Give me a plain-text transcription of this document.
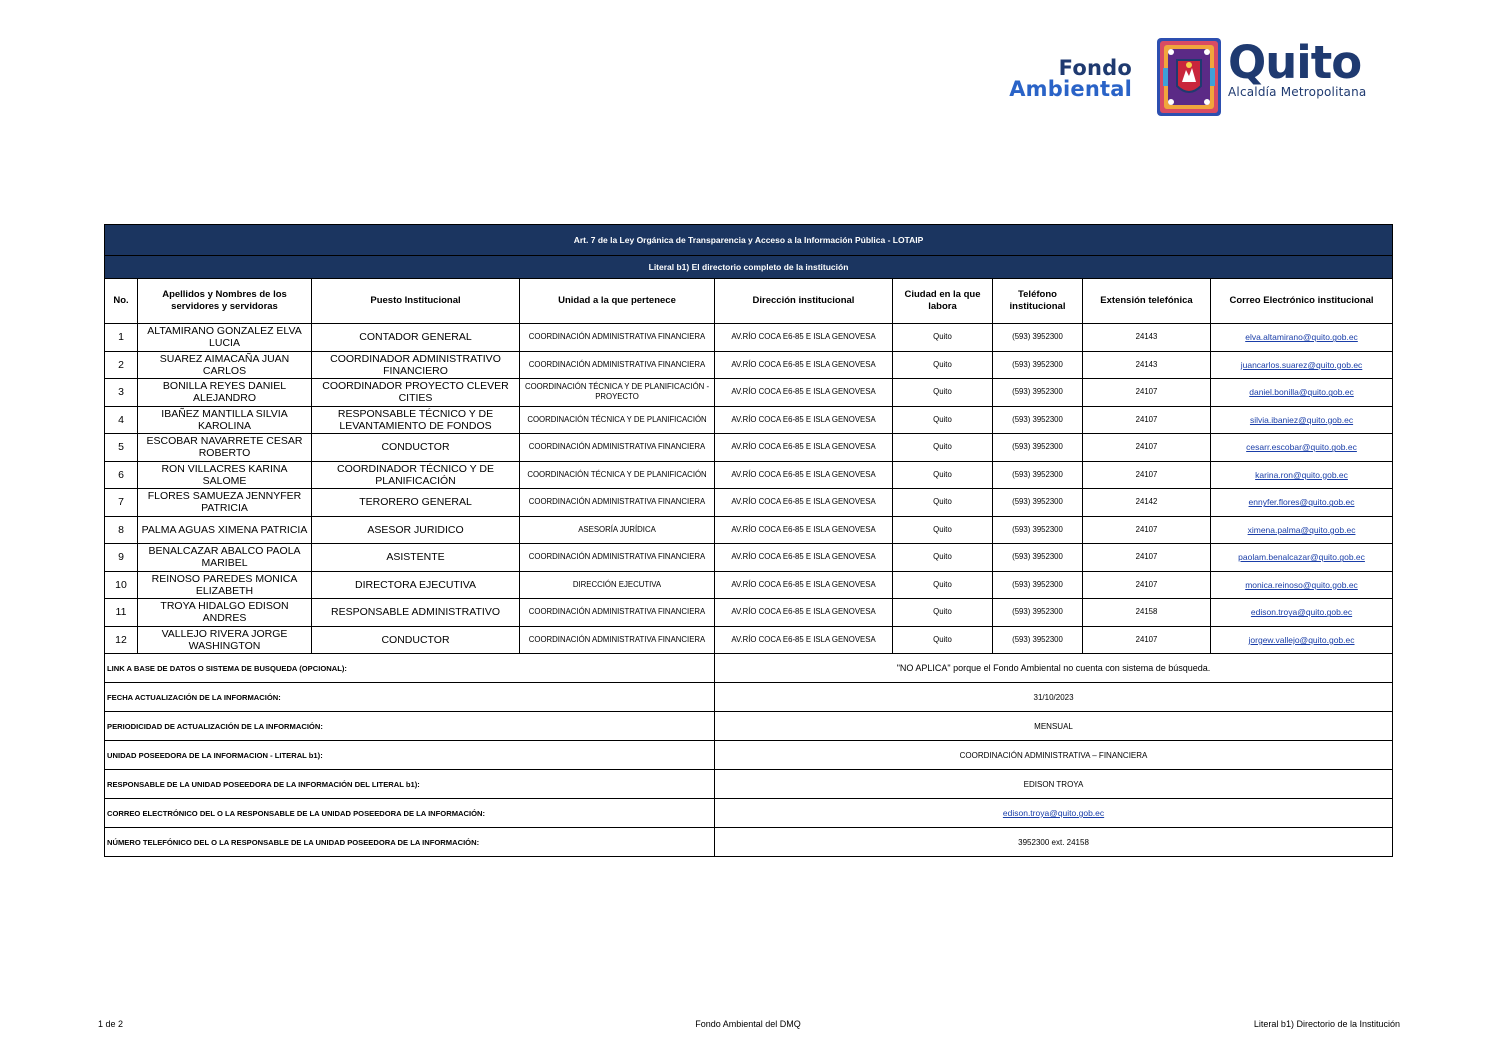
Fondo
Ambiental Quito
Alcaldía Metropolitana
Art. 7 de la Ley Orgánica de Transparencia y Acceso a la Información Pública - LOTAIP								
Literal b1) El directorio completo de la institución								
No.	Apellidos y Nombres de los servidores y servidoras	Puesto Institucional	Unidad a la que pertenece	Dirección institucional	Ciudad en la que labora	Teléfono institucional	Extensión telefónica	Correo Electrónico institucional
1	ALTAMIRANO GONZALEZ ELVA LUCIA	CONTADOR GENERAL	COORDINACIÓN ADMINISTRATIVA FINANCIERA	AV.RÍO COCA E6-85 E ISLA GENOVESA	Quito	(593) 3952300	24143	elva.altamirano@quito.gob.ec
2	SUAREZ AIMACAÑA JUAN CARLOS	COORDINADOR ADMINISTRATIVO FINANCIERO	COORDINACIÓN ADMINISTRATIVA FINANCIERA	AV.RÍO COCA E6-85 E ISLA GENOVESA	Quito	(593) 3952300	24143	juancarlos.suarez@quito.gob.ec
3	BONILLA REYES DANIEL ALEJANDRO	COORDINADOR PROYECTO CLEVER CITIES	COORDINACIÓN TÉCNICA Y DE PLANIFICACIÓN - PROYECTO	AV.RÍO COCA E6-85 E ISLA GENOVESA	Quito	(593) 3952300	24107	daniel.bonilla@quito.gob.ec
4	IBAÑEZ MANTILLA SILVIA KAROLINA	RESPONSABLE TÉCNICO Y DE LEVANTAMIENTO DE FONDOS	COORDINACIÓN TÉCNICA Y DE PLANIFICACIÓN	AV.RÍO COCA E6-85 E ISLA GENOVESA	Quito	(593) 3952300	24107	silvia.ibaniez@quito.gob.ec
5	ESCOBAR NAVARRETE CESAR ROBERTO	CONDUCTOR	COORDINACIÓN ADMINISTRATIVA FINANCIERA	AV.RÍO COCA E6-85 E ISLA GENOVESA	Quito	(593) 3952300	24107	cesarr.escobar@quito.gob.ec
6	RON VILLACRES KARINA SALOME	COORDINADOR TÉCNICO Y DE PLANIFICACIÓN	COORDINACIÓN TÉCNICA Y DE PLANIFICACIÓN	AV.RÍO COCA E6-85 E ISLA GENOVESA	Quito	(593) 3952300	24107	karina.ron@quito.gob.ec
7	FLORES SAMUEZA JENNYFER PATRICIA	TERORERO GENERAL	COORDINACIÓN ADMINISTRATIVA FINANCIERA	AV.RÍO COCA E6-85 E ISLA GENOVESA	Quito	(593) 3952300	24142	ennyfer.flores@quito.gob.ec
8	PALMA AGUAS XIMENA PATRICIA	ASESOR JURIDICO	ASESORÍA JURÍDICA	AV.RÍO COCA E6-85 E ISLA GENOVESA	Quito	(593) 3952300	24107	ximena.palma@quito.gob.ec
9	BENALCAZAR ABALCO PAOLA MARIBEL	ASISTENTE	COORDINACIÓN ADMINISTRATIVA FINANCIERA	AV.RÍO COCA E6-85 E ISLA GENOVESA	Quito	(593) 3952300	24107	paolam.benalcazar@quito.gob.ec
10	REINOSO PAREDES MONICA ELIZABETH	DIRECTORA EJECUTIVA	DIRECCIÓN EJECUTIVA	AV.RÍO COCA E6-85 E ISLA GENOVESA	Quito	(593) 3952300	24107	monica.reinoso@quito.gob.ec
11	TROYA HIDALGO EDISON ANDRES	RESPONSABLE ADMINISTRATIVO	COORDINACIÓN ADMINISTRATIVA FINANCIERA	AV.RÍO COCA E6-85 E ISLA GENOVESA	Quito	(593) 3952300	24158	edison.troya@quito.gob.ec
12	VALLEJO RIVERA JORGE WASHINGTON	CONDUCTOR	COORDINACIÓN ADMINISTRATIVA FINANCIERA	AV.RÍO COCA E6-85 E ISLA GENOVESA	Quito	(593) 3952300	24107	jorgew.vallejo@quito.gob.ec
LINK A BASE DE DATOS O SISTEMA DE BUSQUEDA (OPCIONAL):				"NO APLICA" porque el Fondo Ambiental no cuenta con sistema de búsqueda.				
FECHA ACTUALIZACIÓN DE LA INFORMACIÓN:				31/10/2023				
PERIODICIDAD DE ACTUALIZACIÓN DE LA INFORMACIÓN:				MENSUAL				
UNIDAD POSEEDORA DE LA INFORMACION - LITERAL b1):				COORDINACIÓN ADMINISTRATIVA – FINANCIERA				
RESPONSABLE DE LA UNIDAD POSEEDORA DE LA INFORMACIÓN DEL LITERAL b1):				EDISON TROYA				
CORREO ELECTRÓNICO DEL O LA RESPONSABLE DE LA UNIDAD POSEEDORA DE LA INFORMACIÓN:				edison.troya@quito.gob.ec				
NÚMERO TELEFÓNICO DEL O LA RESPONSABLE DE LA UNIDAD POSEEDORA DE LA INFORMACIÓN:				3952300 ext. 24158				
1 de 2	Fondo Ambiental del DMQ	Literal b1) Directorio de la Institución
